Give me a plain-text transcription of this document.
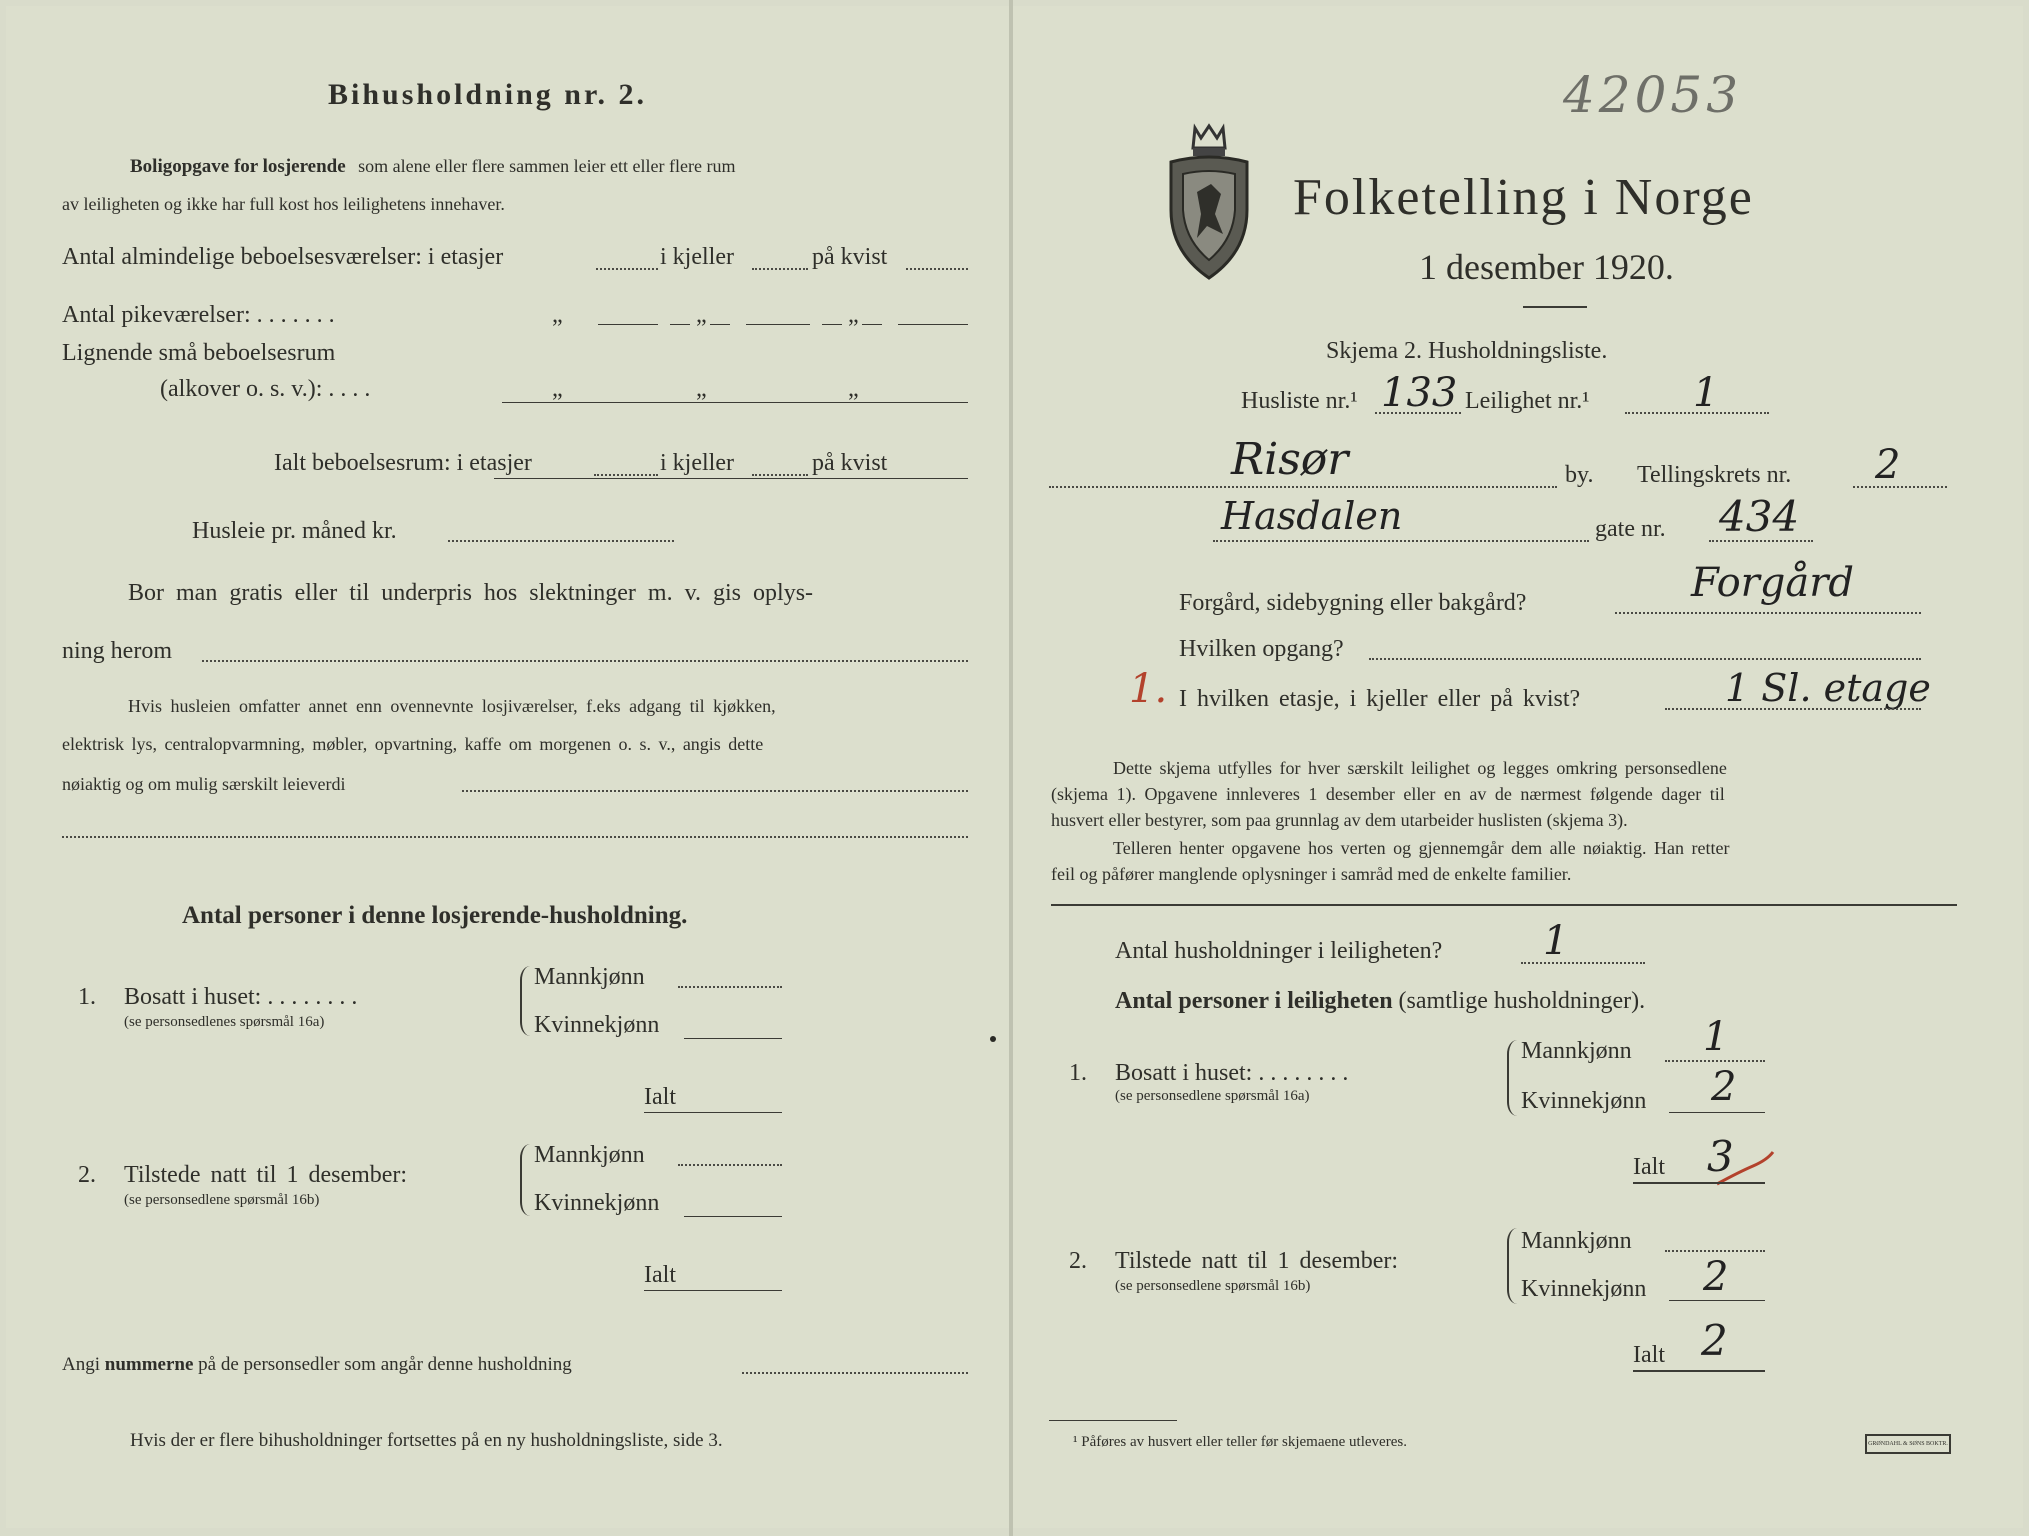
Bihusholdning nr. 2.
Boligopgave for losjerende som alene eller flere sammen leier ett eller flere rum
av leiligheten og ikke har full kost hos leilighetens innehaver.
Antal almindelige beboelsesværelser: i etasjer	i kjeller	på kvist
Antal pikeværelser: . . . . . . .	„	„	„
Lignende små beboelsesrum
(alkover o. s. v.): . . . .	„	„	„
Ialt beboelsesrum: i etasjer	i kjeller	på kvist
Husleie pr. måned kr.
Bor man gratis eller til underpris hos slektninger m. v. gis oplys-
ning herom
Hvis husleien omfatter annet enn ovennevnte losjiværelser, f.eks adgang til kjøkken,
elektrisk lys, centralopvarmning, møbler, opvartning, kaffe om morgenen o. s. v., angis dette
nøiaktig og om mulig særskilt leieverdi
Antal personer i denne losjerende-husholdning.
1. Bosatt i huset: . . . . . . . .
(se personsedlenes spørsmål 16a)
Mannkjønn
Kvinnekjønn
Ialt
2. Tilstede natt til 1 desember:
(se personsedlene spørsmål 16b)
Mannkjønn
Kvinnekjønn
Ialt
Angi nummerne på de personsedler som angår denne husholdning
Hvis der er flere bihusholdninger fortsettes på en ny husholdningsliste, side 3.
42053
Folketelling i Norge
1 desember 1920.
Skjema 2. Husholdningsliste.
Husliste nr.¹ 133 Leilighet nr.¹	1
Risør	by. Tellingskrets nr. 2
Hasdalen	gate nr. 434
Forgård, sidebygning eller bakgård?	Forgård
Hvilken opgang?
1. I hvilken etasje, i kjeller eller på kvist?	1 Sl. etage
Dette skjema utfylles for hver særskilt leilighet og legges omkring personsedlene
(skjema 1). Opgavene innleveres 1 desember eller en av de nærmest følgende dager til
husvert eller bestyrer, som paa grunnlag av dem utarbeider huslisten (skjema 3).
Telleren henter opgavene hos verten og gjennemgår dem alle nøiaktig. Han retter
feil og påfører manglende oplysninger i samråd med de enkelte familier.
Antal husholdninger i leiligheten?	1
Antal personer i leiligheten (samtlige husholdninger).
1. Bosatt i huset: . . . . . . . .
(se personsedlene spørsmål 16a)
Mannkjønn 1
Kvinnekjønn 2
Ialt 3
2. Tilstede natt til 1 desember:
(se personsedlene spørsmål 16b)
Mannkjønn
Kvinnekjønn 2
Ialt 2
¹ Påføres av husvert eller teller før skjemaene utleveres.	GRØNDAHL & SØNS BOKTR.
